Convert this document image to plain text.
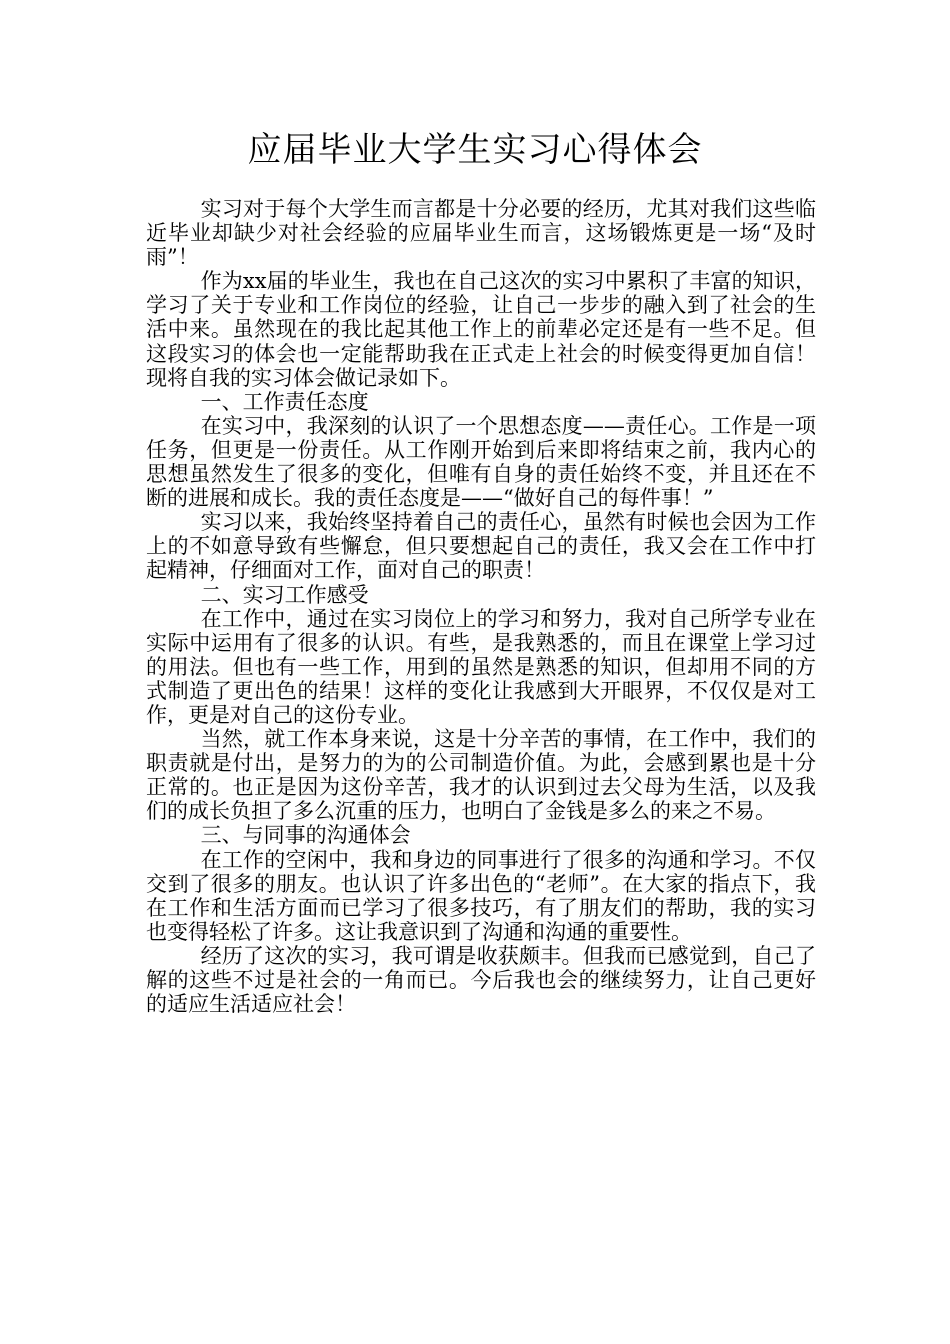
应届毕业大学生实习心得体会

实习对于每个大学生而言都是十分必要的经历，尤其对我们这些临近毕业却缺少对社会经验的应届毕业生而言，这场锻炼更是一场“及时雨”！

作为xx届的毕业生，我也在自己这次的实习中累积了丰富的知识，学习了关于专业和工作岗位的经验，让自己一步步的融入到了社会的生活中来。虽然现在的我比起其他工作上的前辈必定还是有一些不足。但这段实习的体会也一定能帮助我在正式走上社会的时候变得更加自信！现将自我的实习体会做记录如下。

一、工作责任态度

在实习中，我深刻的认识了一个思想态度——责任心。工作是一项任务，但更是一份责任。从工作刚开始到后来即将结束之前，我内心的思想虽然发生了很多的变化，但唯有自身的责任始终不变，并且还在不断的进展和成长。我的责任态度是——“做好自己的每件事！”

实习以来，我始终坚持着自己的责任心，虽然有时候也会因为工作上的不如意导致有些懈怠，但只要想起自己的责任，我又会在工作中打起精神，仔细面对工作，面对自己的职责！

二、实习工作感受

在工作中，通过在实习岗位上的学习和努力，我对自己所学专业在实际中运用有了很多的认识。有些，是我熟悉的，而且在课堂上学习过的用法。但也有一些工作，用到的虽然是熟悉的知识，但却用不同的方式制造了更出色的结果！这样的变化让我感到大开眼界，不仅仅是对工作，更是对自己的这份专业。

当然，就工作本身来说，这是十分辛苦的事情，在工作中，我们的职责就是付出，是努力的为的公司制造价值。为此，会感到累也是十分正常的。也正是因为这份辛苦，我才的认识到过去父母为生活，以及我们的成长负担了多么沉重的压力，也明白了金钱是多么的来之不易。

三、与同事的沟通体会

在工作的空闲中，我和身边的同事进行了很多的沟通和学习。不仅交到了很多的朋友。也认识了许多出色的“老师”。在大家的指点下，我在工作和生活方面而已学习了很多技巧，有了朋友们的帮助，我的实习也变得轻松了许多。这让我意识到了沟通和沟通的重要性。

经历了这次的实习，我可谓是收获颇丰。但我而已感觉到，自己了解的这些不过是社会的一角而已。今后我也会的继续努力，让自己更好的适应生活适应社会！
